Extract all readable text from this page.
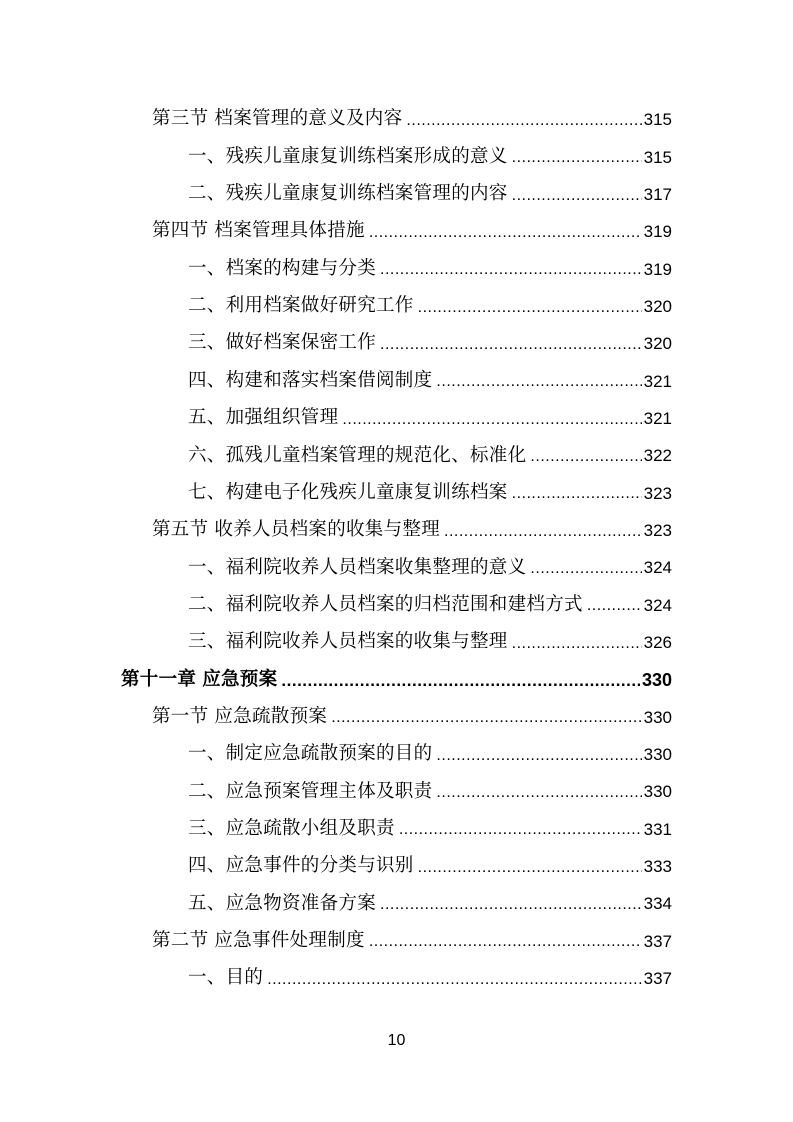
第三节 档案管理的意义及内容 .....	315
一、残疾儿童康复训练档案形成的意义 .....	315
二、残疾儿童康复训练档案管理的内容 .....	317
第四节 档案管理具体措施 .....	319
一、档案的构建与分类 .....	319
二、利用档案做好研究工作 .....	320
三、做好档案保密工作 .....	320
四、构建和落实档案借阅制度 .....	321
五、加强组织管理 .....	321
六、孤残儿童档案管理的规范化、标准化 .....	322
七、构建电子化残疾儿童康复训练档案 .....	323
第五节 收养人员档案的收集与整理 .....	323
一、福利院收养人员档案收集整理的意义 .....	324
二、福利院收养人员档案的归档范围和建档方式 .....	324
三、福利院收养人员档案的收集与整理 .....	326
第十一章 应急预案 .....	330
第一节 应急疏散预案 .....	330
一、制定应急疏散预案的目的 .....	330
二、应急预案管理主体及职责 .....	330
三、应急疏散小组及职责 .....	331
四、应急事件的分类与识别 .....	333
五、应急物资准备方案 .....	334
第二节 应急事件处理制度 .....	337
一、目的 .....	337
10
